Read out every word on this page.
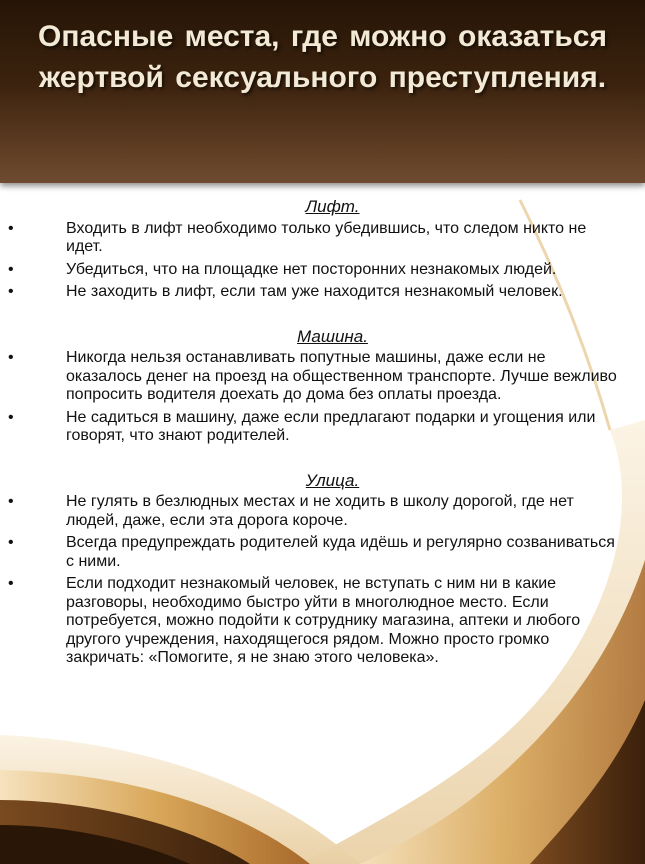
Опасные места, где можно оказаться жертвой сексуального преступления.
Лифт.
•	Входить в лифт необходимо только убедившись, что следом никто не идет.
•	Убедиться, что на площадке нет посторонних незнакомых людей.
•	Не заходить в лифт, если там уже находится незнакомый человек.
Машина.
•	Никогда нельзя останавливать попутные машины, даже если не оказалось денег на проезд на общественном транспорте. Лучше вежливо попросить водителя доехать до дома без оплаты проезда.
•	Не садиться в машину, даже если предлагают подарки и угощения или говорят, что знают родителей.
Улица.
•	Не гулять в безлюдных местах и не ходить в школу дорогой, где нет людей, даже, если эта дорога короче.
•	Всегда предупреждать родителей куда идёшь и регулярно созваниваться с ними.
•	Если подходит незнакомый человек, не вступать с ним ни в какие разговоры, необходимо быстро уйти в многолюдное место. Если потребуется, можно подойти к сотруднику магазина, аптеки и любого другого учреждения, находящегося рядом. Можно просто громко закричать: «Помогите, я не знаю этого человека».
